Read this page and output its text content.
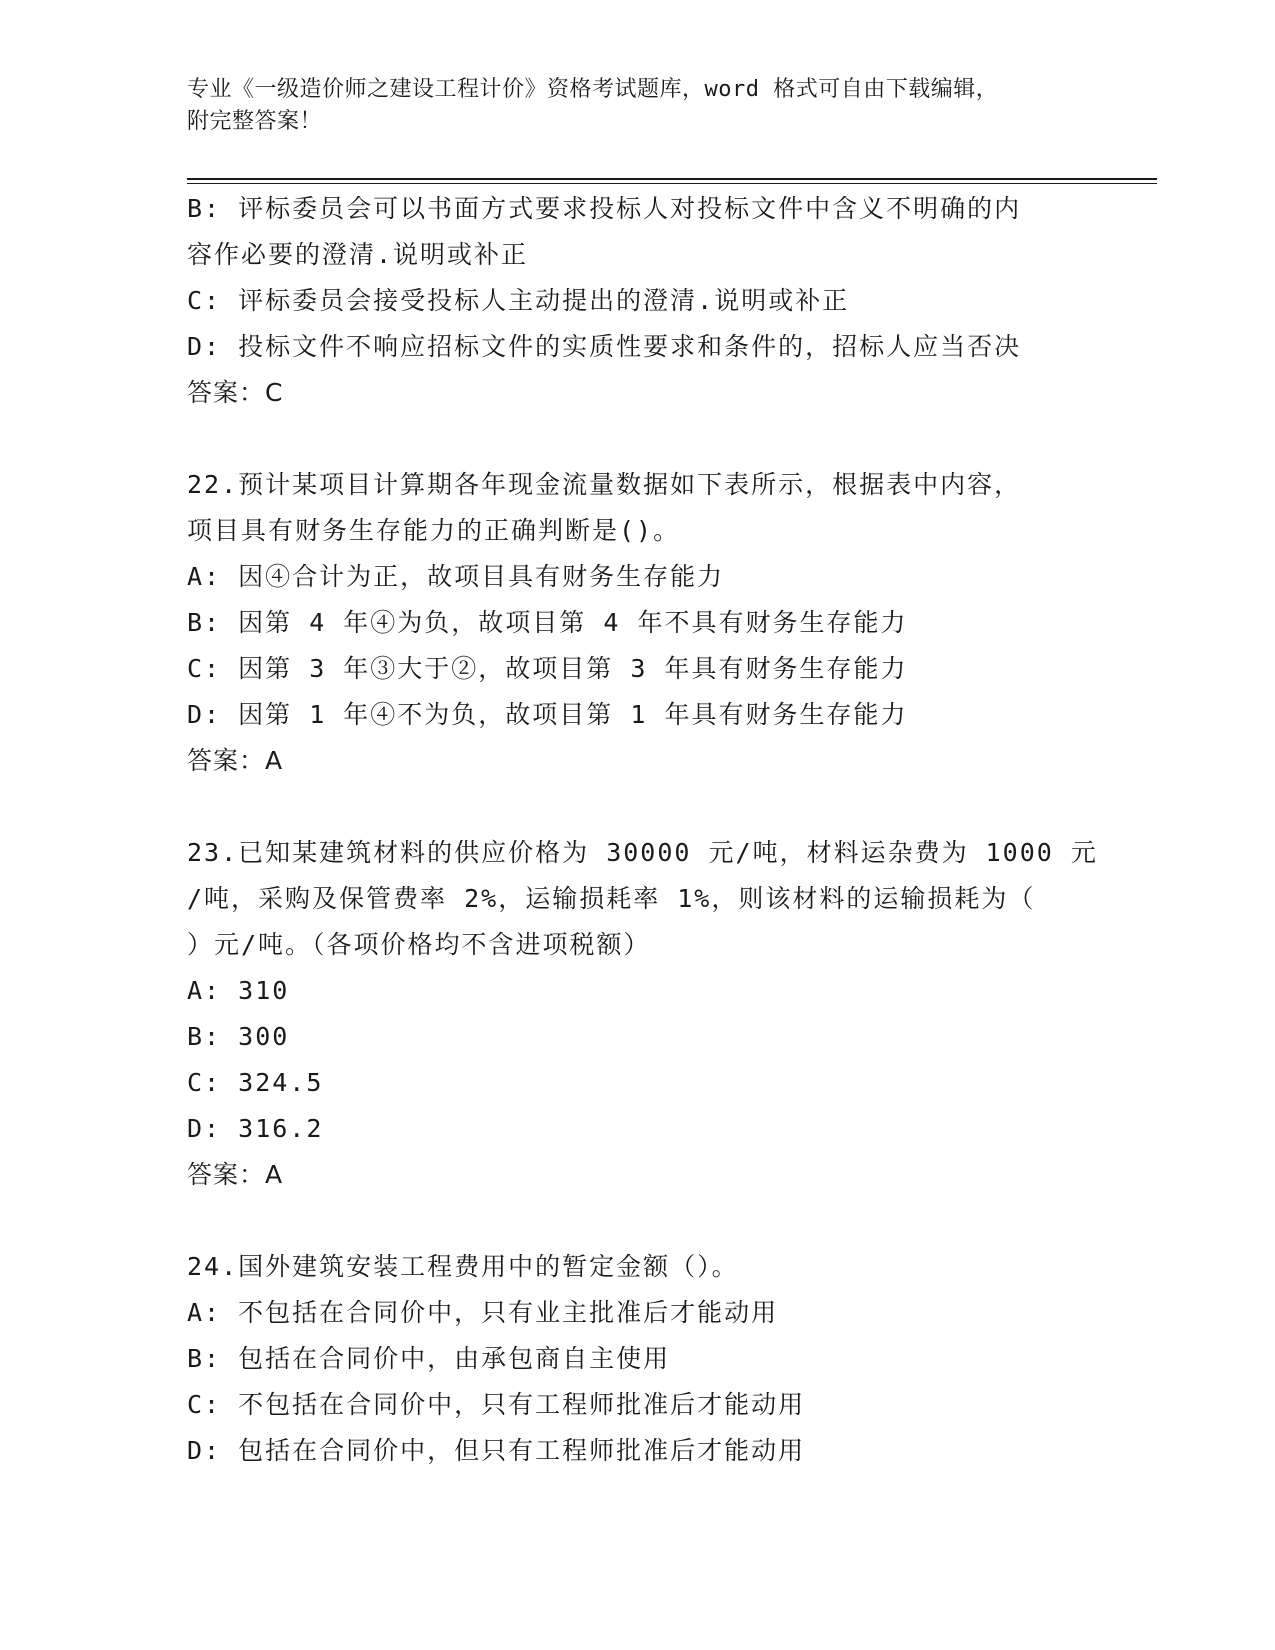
专业《一级造价师之建设工程计价》资格考试题库，word 格式可自由下载编辑，
附完整答案！
B: 评标委员会可以书面方式要求投标人对投标文件中含义不明确的内
容作必要的澄清.说明或补正
C: 评标委员会接受投标人主动提出的澄清.说明或补正
D: 投标文件不响应招标文件的实质性要求和条件的，招标人应当否决
答案：C
22.预计某项目计算期各年现金流量数据如下表所示，根据表中内容，
项目具有财务生存能力的正确判断是()。
A: 因④合计为正，故项目具有财务生存能力
B: 因第 4 年④为负，故项目第 4 年不具有财务生存能力
C: 因第 3 年③大于②，故项目第 3 年具有财务生存能力
D: 因第 1 年④不为负，故项目第 1 年具有财务生存能力
答案：A
23.已知某建筑材料的供应价格为 30000 元/吨，材料运杂费为 1000 元
/吨，采购及保管费率 2%，运输损耗率 1%，则该材料的运输损耗为（
）元/吨。（各项价格均不含进项税额）
A: 310
B: 300
C: 324.5
D: 316.2
答案：A
24.国外建筑安装工程费用中的暂定金额（）。
A: 不包括在合同价中，只有业主批准后才能动用
B: 包括在合同价中，由承包商自主使用
C: 不包括在合同价中，只有工程师批准后才能动用
D: 包括在合同价中，但只有工程师批准后才能动用
